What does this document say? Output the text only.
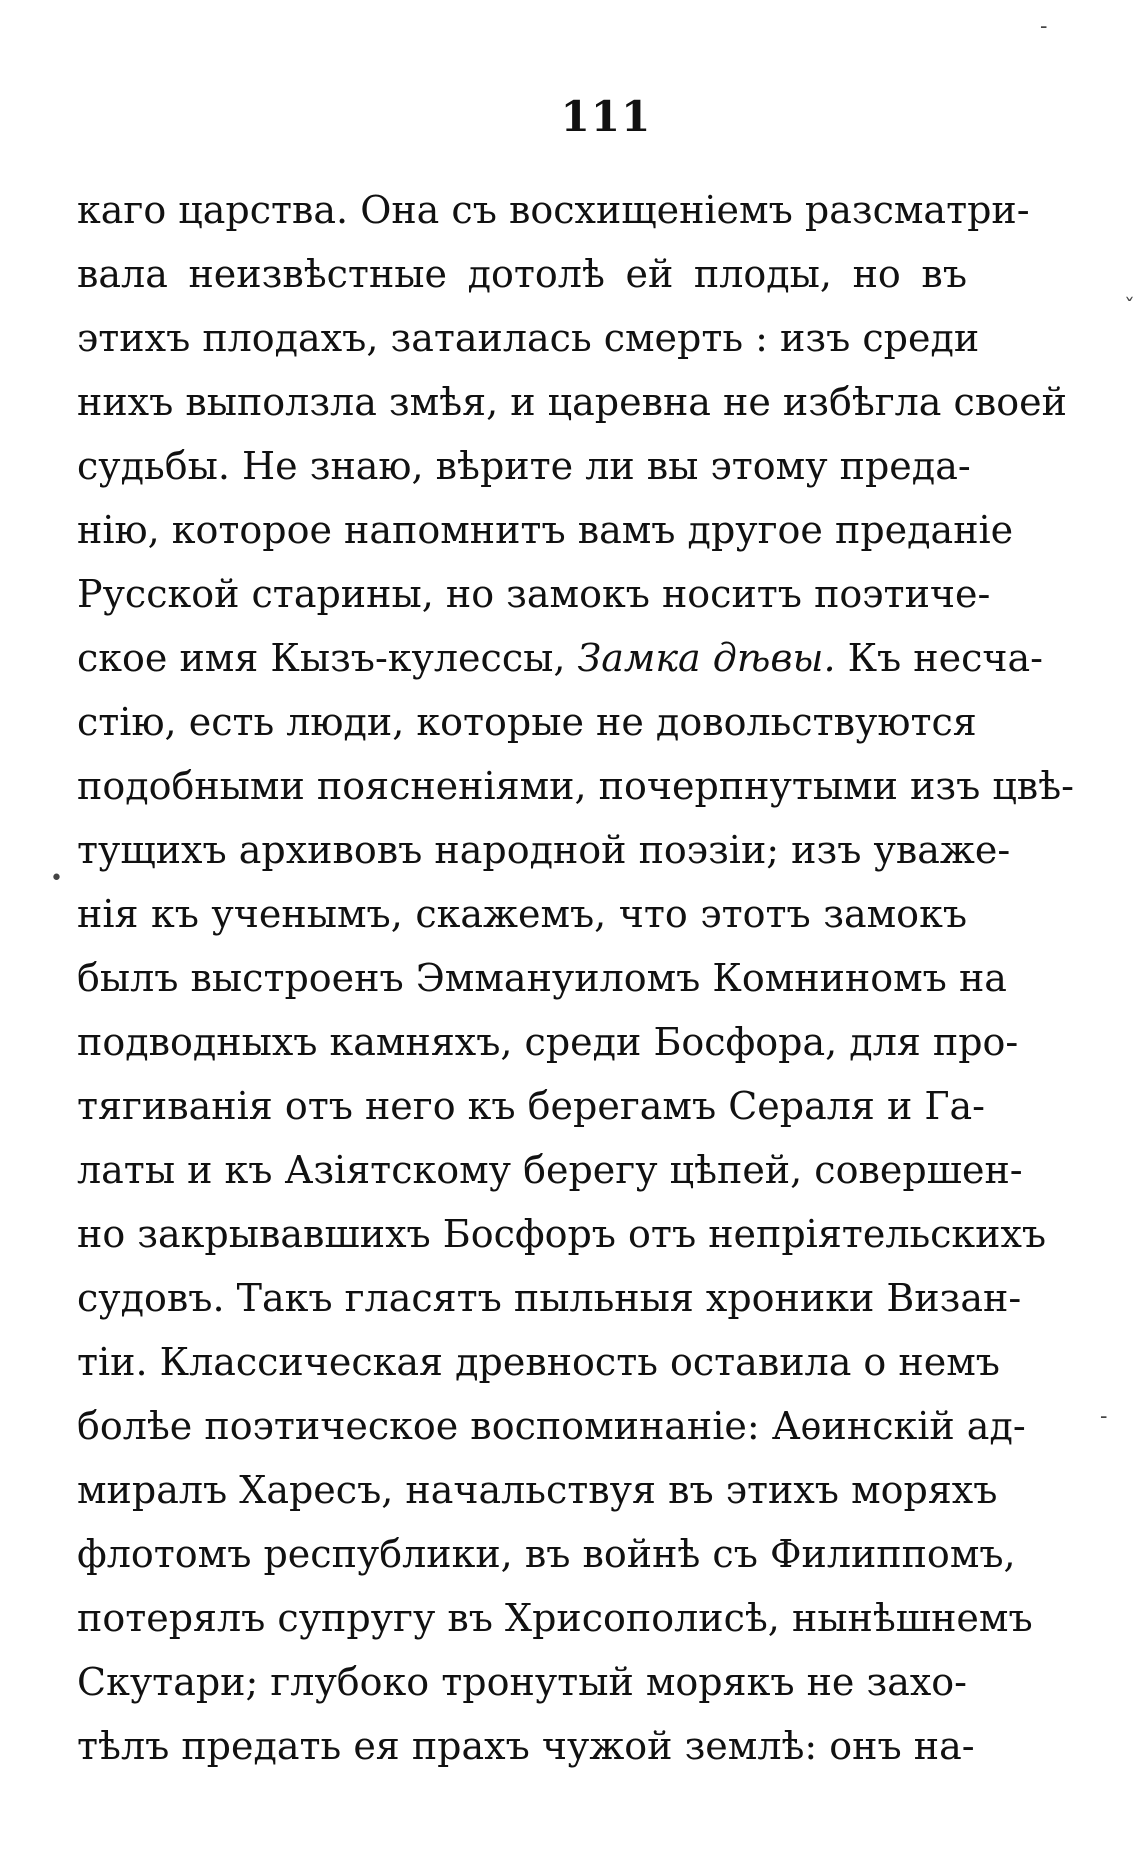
111
каго царства. Она съ восхищеніемъ разсматри-
вала неизвѣстные дотолѣ ей плоды, но въ
этихъ плодахъ, затаилась смерть : изъ среди
нихъ выползла змѣя, и царевна не избѣгла своей
судьбы. Не знаю, вѣрите ли вы этому преда-
нію, которое напомнитъ вамъ другое преданіе
Русской старины, но замокъ носитъ поэтиче-
ское имя Кызъ-кулессы, Замка дѣвы. Къ несча-
стію, есть люди, которые не довольствуются
подобными поясненіями, почерпнутыми изъ цвѣ-
тущихъ архивовъ народной поэзіи; изъ уваже-
нія къ ученымъ, скажемъ, что этотъ замокъ
былъ выстроенъ Эммануиломъ Комниномъ на
подводныхъ камняхъ, среди Босфора, для про-
тягиванія отъ него къ берегамъ Сераля и Га-
латы и къ Азіятскому берегу цѣпей, совершен-
но закрывавшихъ Босфоръ отъ непріятельскихъ
судовъ. Такъ гласятъ пыльныя хроники Визан-
тіи. Классическая древность оставила о немъ
болѣе поэтическое воспоминаніе: Аѳинскій ад-
миралъ Харесъ, начальствуя въ этихъ моряхъ
флотомъ республики, въ войнѣ съ Филиппомъ,
потерялъ супругу въ Хрисополисѣ, нынѣшнемъ
Скутари; глубоко тронутый морякъ не захо-
тѣлъ предать ея прахъ чужой землѣ: онъ на-
-
ˇ
-
•
